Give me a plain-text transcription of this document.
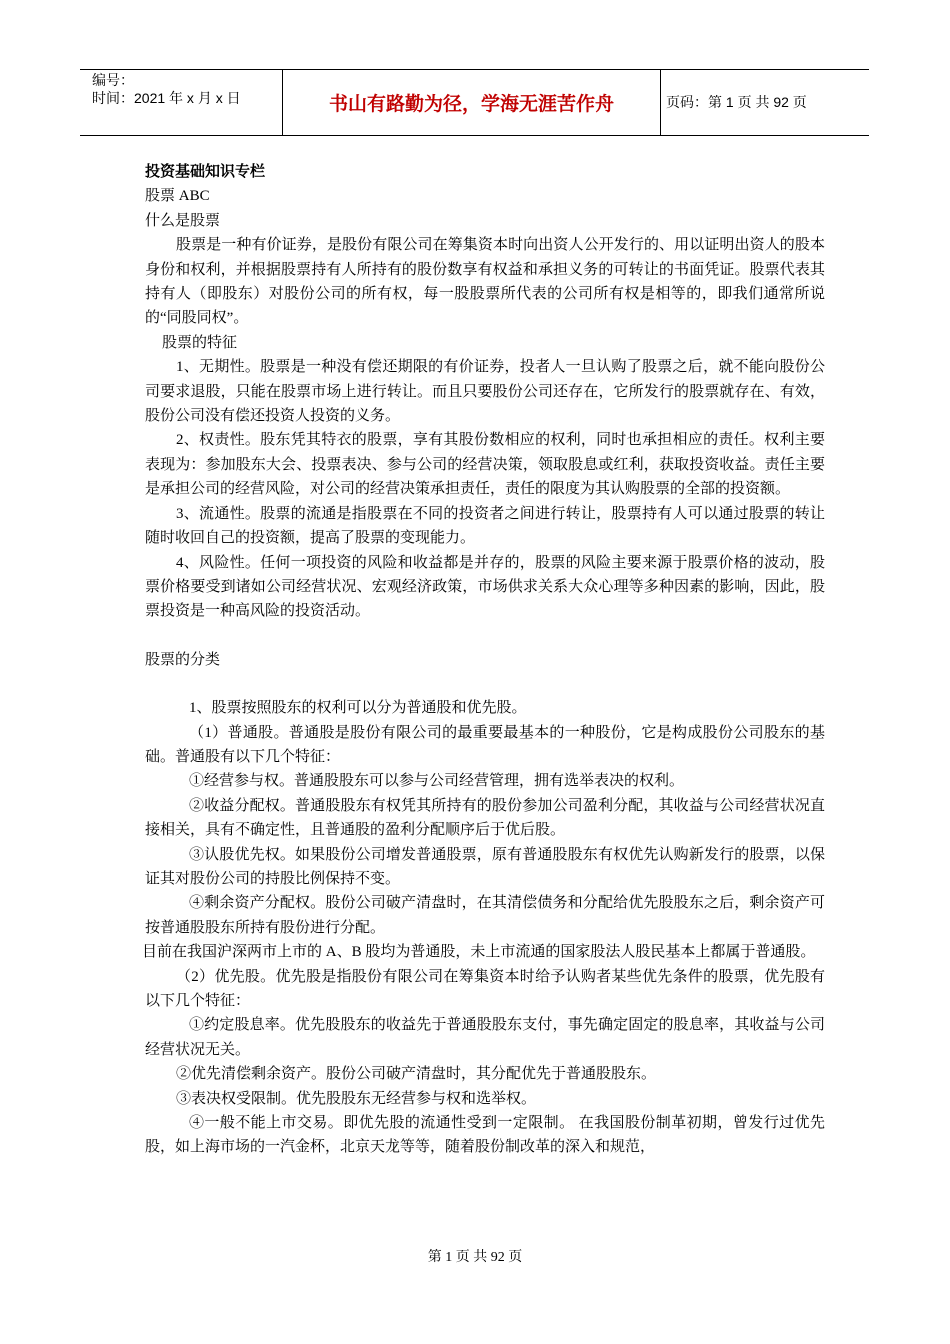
编号：
时间：2021 年 x 月 x 日	书山有路勤为径，学海无涯苦作舟	页码：第 1 页 共 92 页

投资基础知识专栏

股票 ABC

什么是股票

股票是一种有价证券，是股份有限公司在筹集资本时向出资人公开发行的、用以证明出资人的股本身份和权利，并根据股票持有人所持有的股份数享有权益和承担义务的可转让的书面凭证。股票代表其持有人（即股东）对股份公司的所有权，每一股股票所代表的公司所有权是相等的，即我们通常所说的“同股同权”。

股票的特征

1、无期性。股票是一种没有偿还期限的有价证券，投者人一旦认购了股票之后，就不能向股份公司要求退股，只能在股票市场上进行转让。而且只要股份公司还存在，它所发行的股票就存在、有效，股份公司没有偿还投资人投资的义务。

2、权责性。股东凭其特衣的股票，享有其股份数相应的权利，同时也承担相应的责任。权利主要表现为：参加股东大会、投票表决、参与公司的经营决策，领取股息或红利，获取投资收益。责任主要是承担公司的经营风险，对公司的经营决策承担责任，责任的限度为其认购股票的全部的投资额。

3、流通性。股票的流通是指股票在不同的投资者之间进行转让，股票持有人可以通过股票的转让随时收回自己的投资额，提高了股票的变现能力。

4、风险性。任何一项投资的风险和收益都是并存的，股票的风险主要来源于股票价格的波动，股票价格要受到诸如公司经营状况、宏观经济政策，市场供求关系大众心理等多种因素的影响，因此，股票投资是一种高风险的投资活动。

股票的分类

1、股票按照股东的权利可以分为普通股和优先股。

（1）普通股。普通股是股份有限公司的最重要最基本的一种股份，它是构成股份公司股东的基础。普通股有以下几个特征：

①经营参与权。普通股股东可以参与公司经营管理，拥有选举表决的权利。

②收益分配权。普通股股东有权凭其所持有的股份参加公司盈利分配，其收益与公司经营状况直接相关，具有不确定性，且普通股的盈利分配顺序后于优后股。

③认股优先权。如果股份公司增发普通股票，原有普通股股东有权优先认购新发行的股票，以保证其对股份公司的持股比例保持不变。

④剩余资产分配权。股份公司破产清盘时，在其清偿债务和分配给优先股股东之后，剩余资产可按普通股股东所持有股份进行分配。

目前在我国沪深两市上市的 A、B 股均为普通股，未上市流通的国家股法人股民基本上都属于普通股。

（2）优先股。优先股是指股份有限公司在筹集资本时给予认购者某些优先条件的股票，优先股有以下几个特征：

①约定股息率。优先股股东的收益先于普通股股东支付，事先确定固定的股息率，其收益与公司经营状况无关。

②优先清偿剩余资产。股份公司破产清盘时，其分配优先于普通股股东。

③表决权受限制。优先股股东无经营参与权和选举权。

④一般不能上市交易。即优先股的流通性受到一定限制。 在我国股份制革初期，曾发行过优先股，如上海市场的一汽金杯，北京天龙等等，随着股份制改革的深入和规范，

第 1 页 共 92 页
